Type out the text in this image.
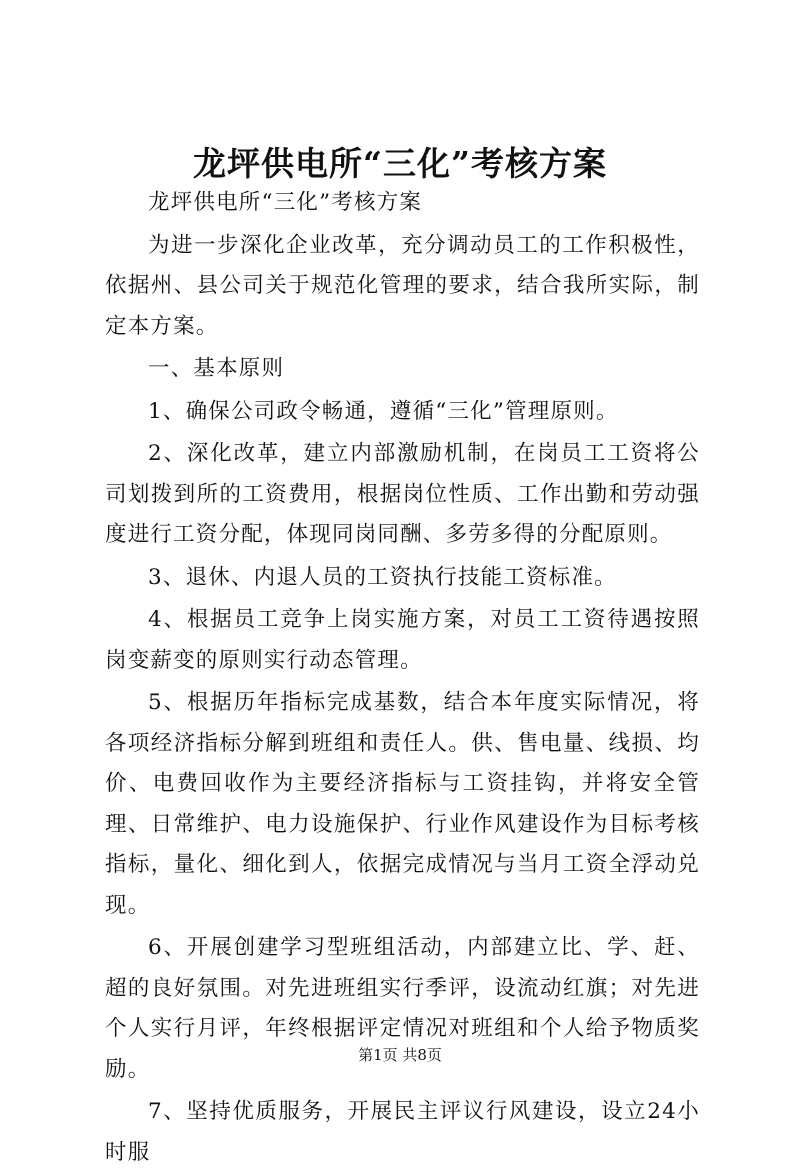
龙坪供电所“三化”考核方案

龙坪供电所“三化”考核方案

为进一步深化企业改革，充分调动员工的工作积极性，依据州、县公司关于规范化管理的要求，结合我所实际，制定本方案。

一、基本原则

1、确保公司政令畅通，遵循“三化”管理原则。

2、深化改革，建立内部激励机制，在岗员工工资将公司划拨到所的工资费用，根据岗位性质、工作出勤和劳动强度进行工资分配，体现同岗同酬、多劳多得的分配原则。

3、退休、内退人员的工资执行技能工资标准。

4、根据员工竞争上岗实施方案，对员工工资待遇按照岗变薪变的原则实行动态管理。

5、根据历年指标完成基数，结合本年度实际情况，将各项经济指标分解到班组和责任人。供、售电量、线损、均价、电费回收作为主要经济指标与工资挂钩，并将安全管理、日常维护、电力设施保护、行业作风建设作为目标考核指标，量化、细化到人，依据完成情况与当月工资全浮动兑现。

6、开展创建学习型班组活动，内部建立比、学、赶、超的良好氛围。对先进班组实行季评，设流动红旗；对先进个人实行月评，年终根据评定情况对班组和个人给予物质奖励。

7、坚持优质服务，开展民主评议行风建设，设立24小时服

第1页 共8页
